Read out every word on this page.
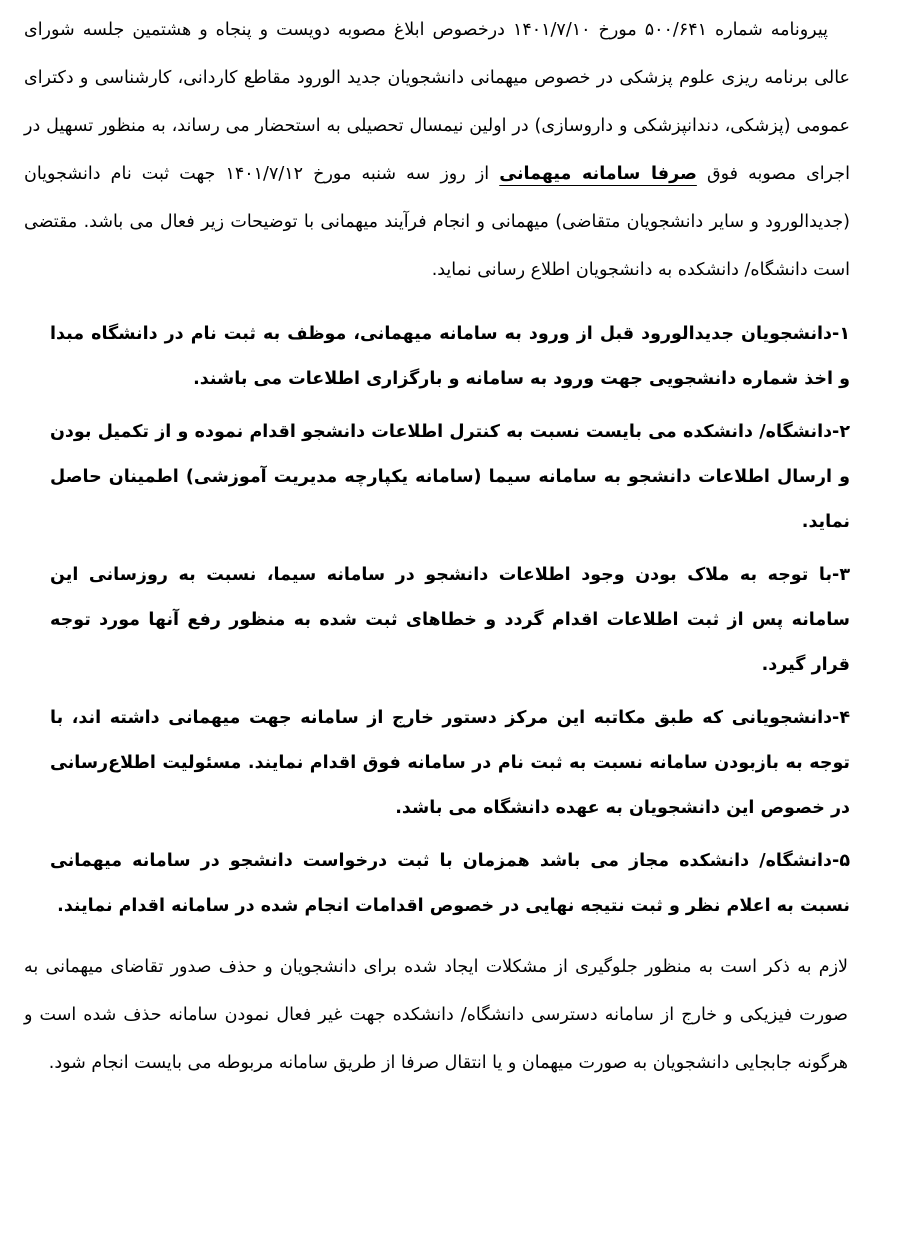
پیرونامه شماره ۵۰۰/۶۴۱ مورخ ۱۴۰۱/۷/۱۰ درخصوص ابلاغ مصوبه دویست و پنجاه و هشتمین جلسه شورای عالی برنامه ریزی علوم پزشکی در خصوص میهمانی دانشجویان جدید الورود مقاطع کاردانی، کارشناسی و دکترای عمومی (پزشکی، دندانپزشکی و داروسازی) در اولین نیمسال تحصیلی به استحضار می رساند، به منظور تسهیل در اجرای مصوبه فوق صرفا سامانه میهمانی از روز سه شنبه مورخ ۱۴۰۱/۷/۱۲ جهت ثبت نام دانشجویان (جدیدالورود و سایر دانشجویان متقاضی) میهمانی و انجام فرآیند میهمانی با توضیحات زیر فعال می باشد. مقتضی است دانشگاه/ دانشکده به دانشجویان اطلاع رسانی نماید.

۱-دانشجویان جدیدالورود قبل از ورود به سامانه میهمانی، موظف به ثبت نام در دانشگاه مبدا و اخذ شماره دانشجویی جهت ورود به سامانه و بارگزاری اطلاعات می باشند.
۲-دانشگاه/ دانشکده می بایست نسبت به کنترل اطلاعات دانشجو اقدام نموده و از تکمیل بودن و ارسال اطلاعات دانشجو به سامانه سیما (سامانه یکپارچه مدیریت آموزشی) اطمینان حاصل نماید.
۳-با توجه به ملاک بودن وجود اطلاعات دانشجو در سامانه سیما، نسبت به روزسانی این سامانه پس از ثبت اطلاعات اقدام گردد و خطاهای ثبت شده به منظور رفع آنها مورد توجه قرار گیرد.
۴-دانشجویانی که طبق مکاتبه این مرکز دستور خارج از سامانه جهت میهمانی داشته اند، با توجه به بازبودن سامانه نسبت به ثبت نام در سامانه فوق اقدام نمایند. مسئولیت اطلاع‌رسانی در خصوص این دانشجویان به عهده دانشگاه می باشد.
۵-دانشگاه/ دانشکده مجاز می باشد همزمان با ثبت درخواست دانشجو در سامانه میهمانی نسبت به اعلام نظر و ثبت نتیجه نهایی در خصوص اقدامات انجام شده در سامانه اقدام نمایند.

لازم به ذکر است به منظور جلوگیری از مشکلات ایجاد شده برای دانشجویان و حذف صدور تقاضای میهمانی به صورت فیزیکی و خارج از سامانه دسترسی دانشگاه/ دانشکده جهت غیر فعال نمودن سامانه حذف شده است و هرگونه جابجایی دانشجویان به صورت میهمان و یا انتقال صرفا از طریق سامانه مربوطه می بایست انجام شود.
